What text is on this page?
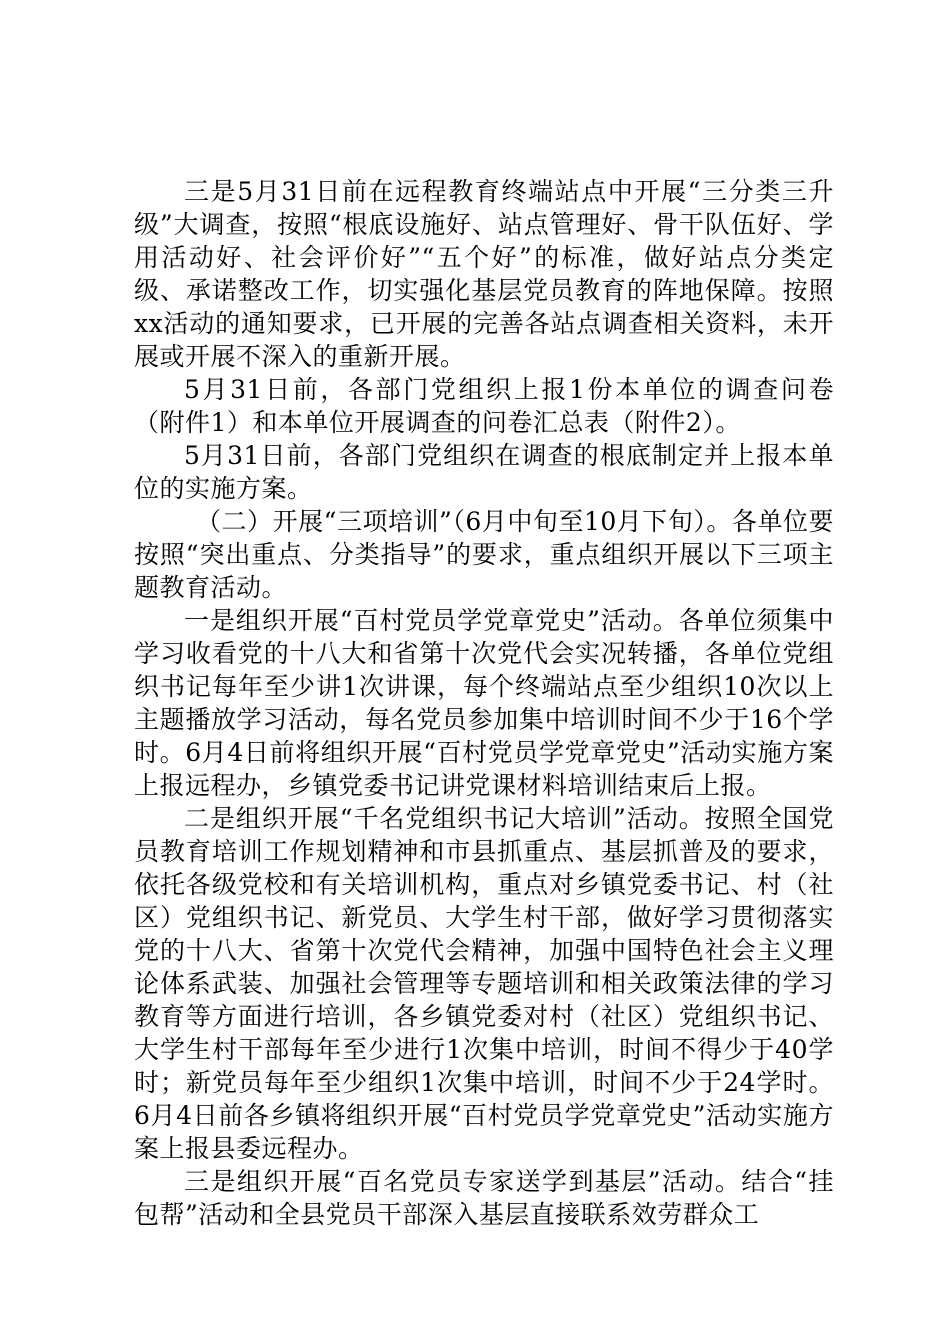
三是5月31日前在远程教育终端站点中开展“三分类三升级”大调查，按照“根底设施好、站点管理好、骨干队伍好、学用活动好、社会评价好”“五个好”的标准，做好站点分类定级、承诺整改工作，切实强化基层党员教育的阵地保障。按照xx活动的通知要求，已开展的完善各站点调查相关资料，未开展或开展不深入的重新开展。

5月31日前，各部门党组织上报1份本单位的调查问卷（附件1）和本单位开展调查的问卷汇总表（附件2）。

5月31日前，各部门党组织在调查的根底制定并上报本单位的实施方案。

（二）开展“三项培训”（6月中旬至10月下旬）。各单位要按照“突出重点、分类指导”的要求，重点组织开展以下三项主题教育活动。

一是组织开展“百村党员学党章党史”活动。各单位须集中学习收看党的十八大和省第十次党代会实况转播，各单位党组织书记每年至少讲1次讲课，每个终端站点至少组织10次以上主题播放学习活动，每名党员参加集中培训时间不少于16个学时。6月4日前将组织开展“百村党员学党章党史”活动实施方案上报远程办，乡镇党委书记讲党课材料培训结束后上报。

二是组织开展“千名党组织书记大培训”活动。按照全国党员教育培训工作规划精神和市县抓重点、基层抓普及的要求，依托各级党校和有关培训机构，重点对乡镇党委书记、村（社区）党组织书记、新党员、大学生村干部，做好学习贯彻落实党的十八大、省第十次党代会精神，加强中国特色社会主义理论体系武装、加强社会管理等专题培训和相关政策法律的学习教育等方面进行培训，各乡镇党委对村（社区）党组织书记、大学生村干部每年至少进行1次集中培训，时间不得少于40学时；新党员每年至少组织1次集中培训，时间不少于24学时。6月4日前各乡镇将组织开展“百村党员学党章党史”活动实施方案上报县委远程办。

三是组织开展“百名党员专家送学到基层”活动。结合“挂包帮”活动和全县党员干部深入基层直接联系效劳群众工
